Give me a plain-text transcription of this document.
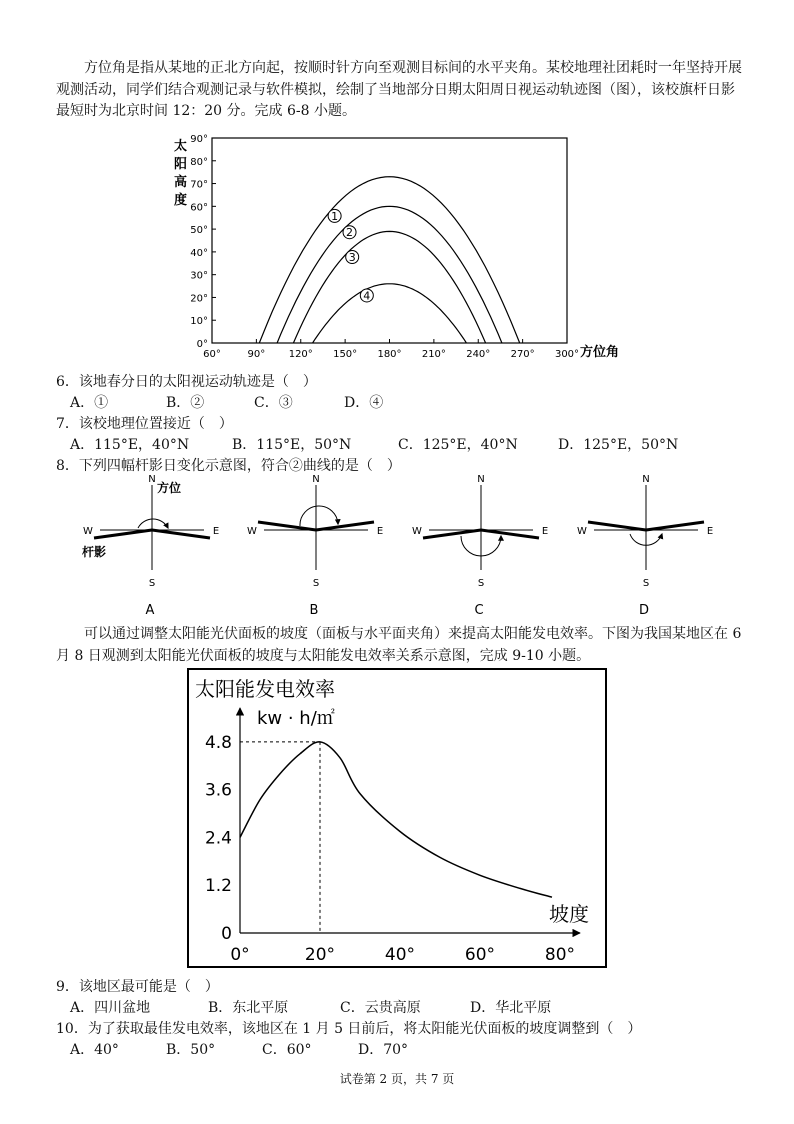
方位角是指从某地的正北方向起，按顺时针方向至观测目标间的水平夹角。某校地理社团耗时一年坚持开展观测活动，同学们结合观测记录与软件模拟，绘制了当地部分日期太阳周日视运动轨迹图（图），该校旗杆日影最短时为北京时间 12：20 分。完成 6-8 小题。
太
阳
高
度
0°
10°
20°
30°
40°
50°
60°
70°
80°
90°
60°	90° 120° 150° 180° 210° 240° 270° 300°
1
2
3
4
方位角
6．该地春分日的太阳视运动轨迹是（　）
A．①	B．②	C．③	D．④
7．该校地理位置接近（　）
A．115°E，40°N	B．115°E，50°N	C．125°E，40°N	D．125°E，50°N
8．下列四幅杆影日变化示意图，符合②曲线的是（　）
N
S
W	E
A
方位
杆影
N
S
W	E
B
N
S
W	E
C
N
S
W	E
D
可以通过调整太阳能光伏面板的坡度（面板与水平面夹角）来提高太阳能发电效率。下图为我国某地区在 6 月 8 日观测到太阳能光伏面板的坡度与太阳能发电效率关系示意图，完成 9-10 小题。
太阳能发电效率
kw · h/㎡
0
1.2
2.4
3.6
4.8
0°	20°	40°	60°	80°
坡度
9．该地区最可能是（　）
A．四川盆地	B．东北平原	C．云贵高原	D．华北平原
10．为了获取最佳发电效率，该地区在 1 月 5 日前后，将太阳能光伏面板的坡度调整到（　）
A．40°	B．50°	C．60°	D．70°
试卷第 2 页，共 7 页
